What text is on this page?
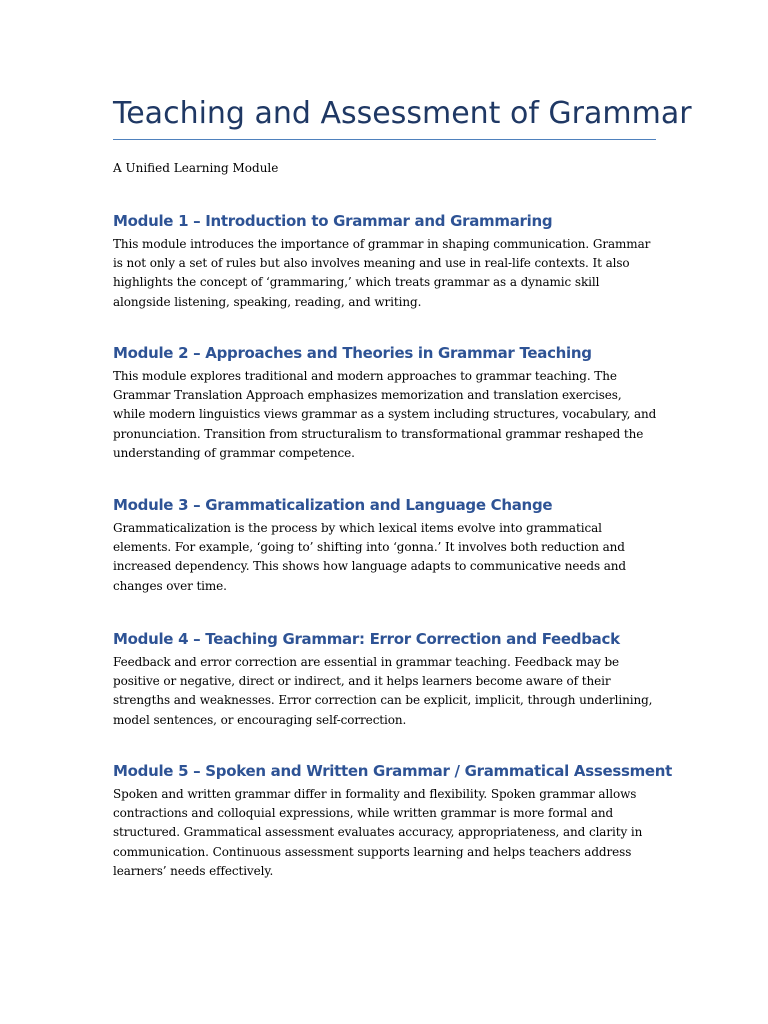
Teaching and Assessment of Grammar

A Unified Learning Module

Module 1 – Introduction to Grammar and Grammaring

This module introduces the importance of grammar in shaping communication. Grammar is not only a set of rules but also involves meaning and use in real-life contexts. It also highlights the concept of ‘grammaring,’ which treats grammar as a dynamic skill alongside listening, speaking, reading, and writing.

Module 2 – Approaches and Theories in Grammar Teaching

This module explores traditional and modern approaches to grammar teaching. The Grammar Translation Approach emphasizes memorization and translation exercises, while modern linguistics views grammar as a system including structures, vocabulary, and pronunciation. Transition from structuralism to transformational grammar reshaped the understanding of grammar competence.

Module 3 – Grammaticalization and Language Change

Grammaticalization is the process by which lexical items evolve into grammatical elements. For example, ‘going to’ shifting into ‘gonna.’ It involves both reduction and increased dependency. This shows how language adapts to communicative needs and changes over time.

Module 4 – Teaching Grammar: Error Correction and Feedback

Feedback and error correction are essential in grammar teaching. Feedback may be positive or negative, direct or indirect, and it helps learners become aware of their strengths and weaknesses. Error correction can be explicit, implicit, through underlining, model sentences, or encouraging self-correction.

Module 5 – Spoken and Written Grammar / Grammatical Assessment

Spoken and written grammar differ in formality and flexibility. Spoken grammar allows contractions and colloquial expressions, while written grammar is more formal and structured. Grammatical assessment evaluates accuracy, appropriateness, and clarity in communication. Continuous assessment supports learning and helps teachers address learners’ needs effectively.
